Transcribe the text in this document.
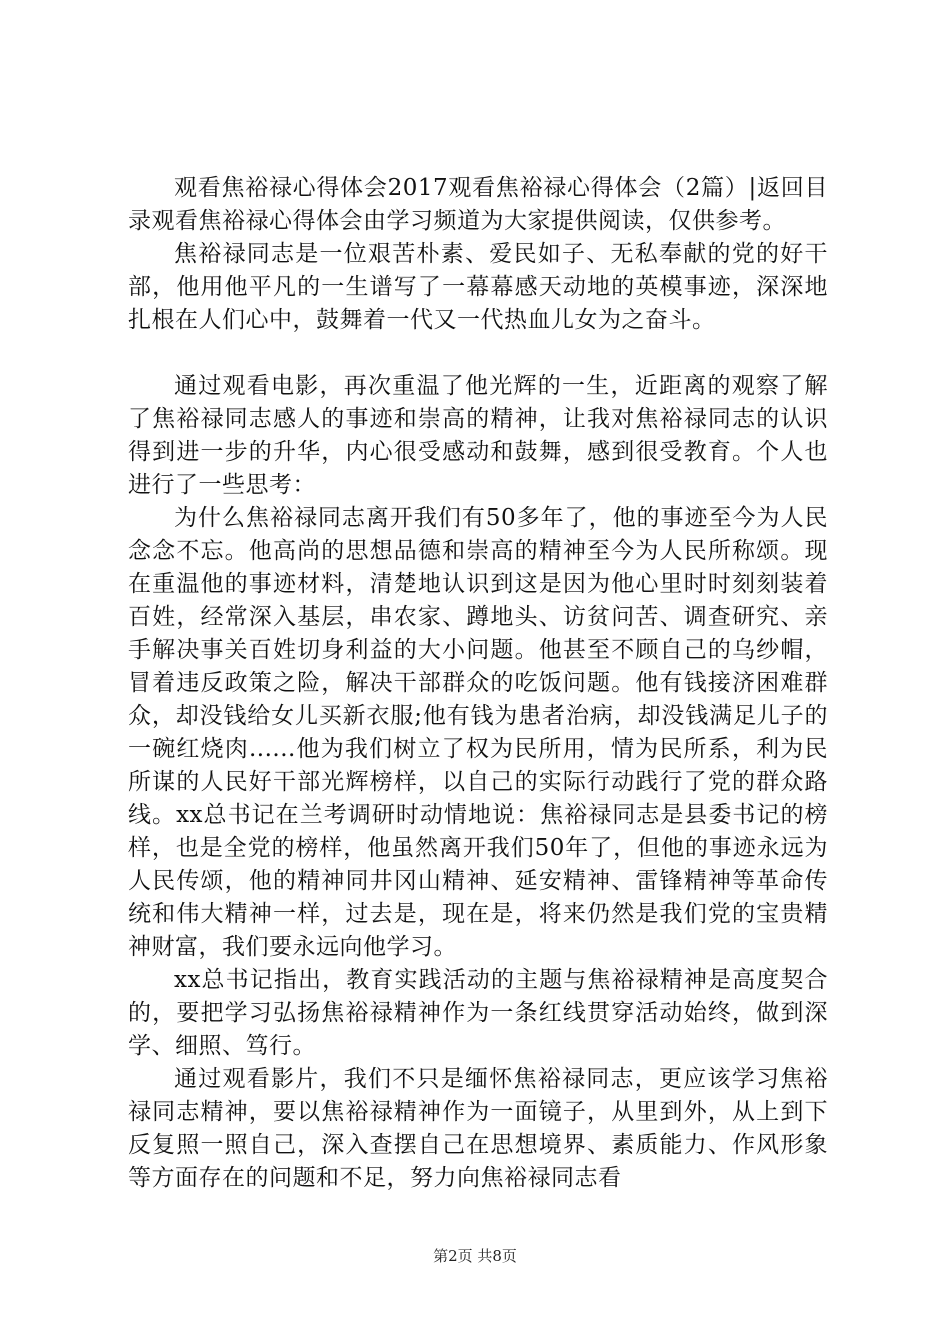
观看焦裕禄心得体会2017观看焦裕禄心得体会（2篇）|返回目录观看焦裕禄心得体会由学习频道为大家提供阅读，仅供参考。

焦裕禄同志是一位艰苦朴素、爱民如子、无私奉献的党的好干部，他用他平凡的一生谱写了一幕幕感天动地的英模事迹，深深地扎根在人们心中，鼓舞着一代又一代热血儿女为之奋斗。

通过观看电影，再次重温了他光辉的一生，近距离的观察了解了焦裕禄同志感人的事迹和崇高的精神，让我对焦裕禄同志的认识得到进一步的升华，内心很受感动和鼓舞，感到很受教育。个人也进行了一些思考：

为什么焦裕禄同志离开我们有50多年了，他的事迹至今为人民念念不忘。他高尚的思想品德和崇高的精神至今为人民所称颂。现在重温他的事迹材料，清楚地认识到这是因为他心里时时刻刻装着百姓，经常深入基层，串农家、蹲地头、访贫问苦、调查研究、亲手解决事关百姓切身利益的大小问题。他甚至不顾自己的乌纱帽，冒着违反政策之险，解决干部群众的吃饭问题。他有钱接济困难群众，却没钱给女儿买新衣服;他有钱为患者治病，却没钱满足儿子的一碗红烧肉......他为我们树立了权为民所用，情为民所系，利为民所谋的人民好干部光辉榜样，以自己的实际行动践行了党的群众路线。xx总书记在兰考调研时动情地说：焦裕禄同志是县委书记的榜样，也是全党的榜样，他虽然离开我们50年了，但他的事迹永远为人民传颂，他的精神同井冈山精神、延安精神、雷锋精神等革命传统和伟大精神一样，过去是，现在是，将来仍然是我们党的宝贵精神财富，我们要永远向他学习。

xx总书记指出，教育实践活动的主题与焦裕禄精神是高度契合的，要把学习弘扬焦裕禄精神作为一条红线贯穿活动始终，做到深学、细照、笃行。

通过观看影片，我们不只是缅怀焦裕禄同志，更应该学习焦裕禄同志精神，要以焦裕禄精神作为一面镜子，从里到外，从上到下反复照一照自己，深入查摆自己在思想境界、素质能力、作风形象等方面存在的问题和不足，努力向焦裕禄同志看

第2页 共8页
